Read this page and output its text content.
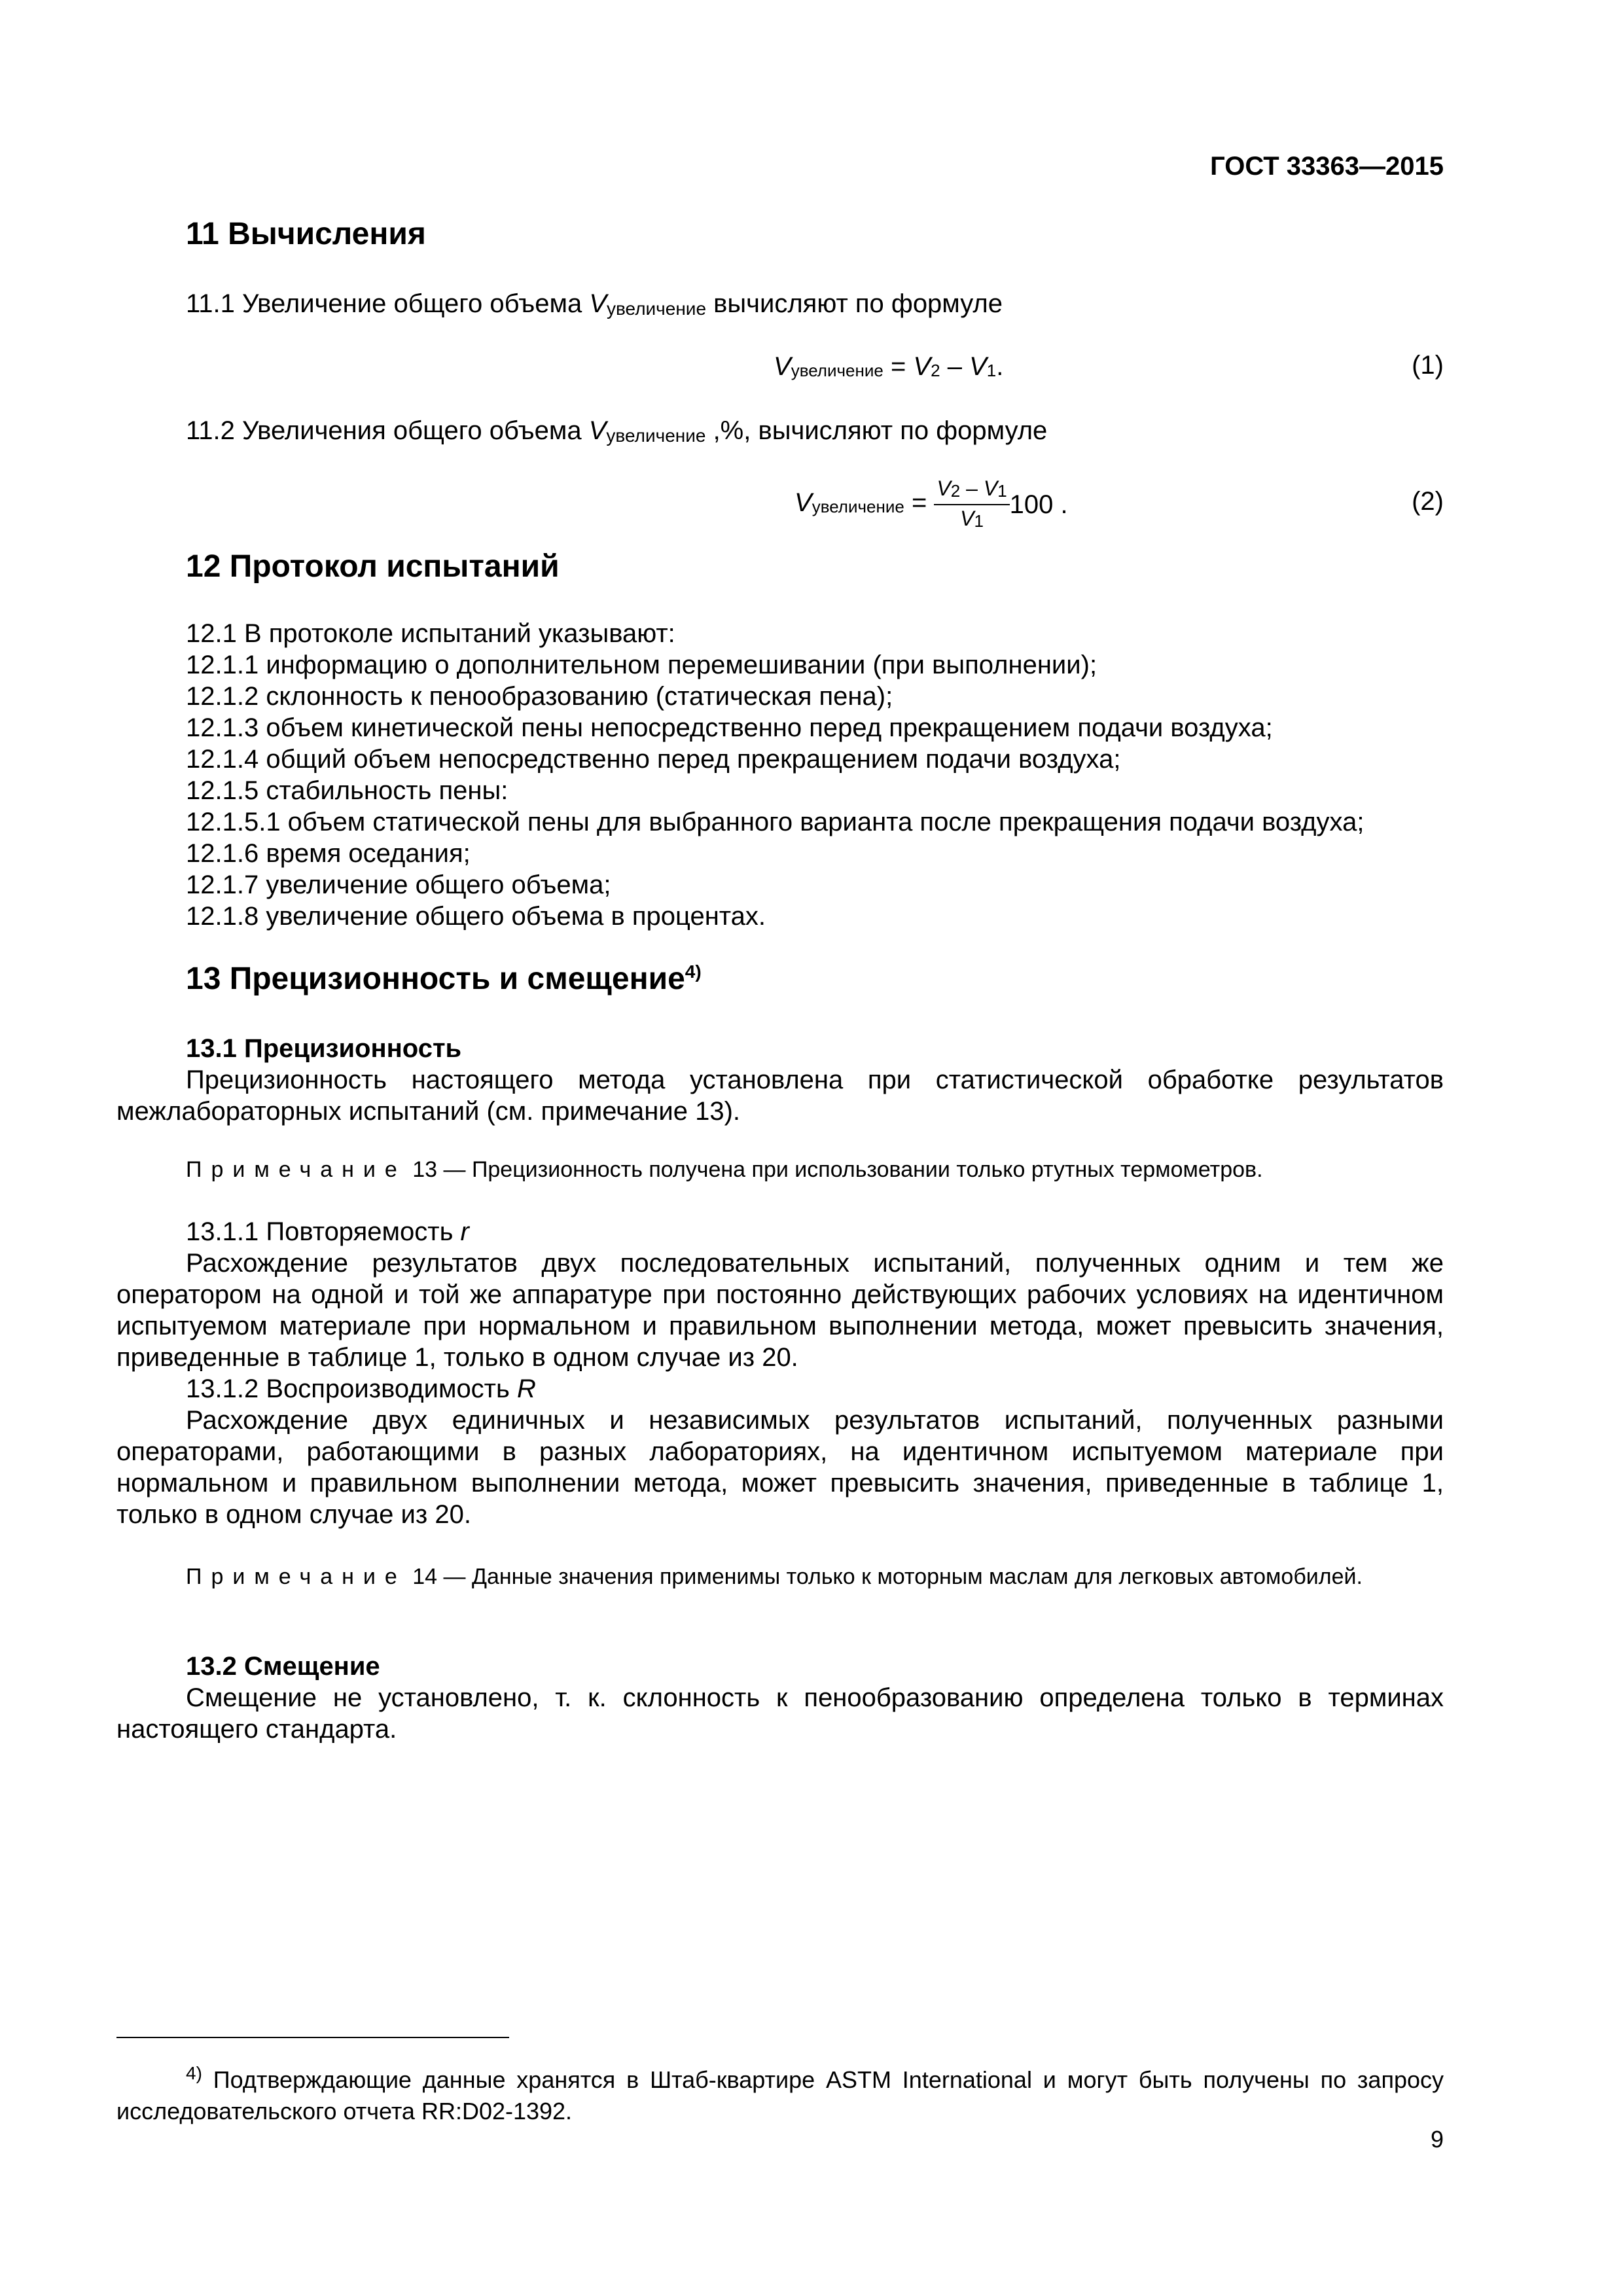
ГОСТ 33363—2015
11 Вычисления
11.1 Увеличение общего объема $V_{увеличение}$ вычисляют по формуле
$V_{увеличение} = V_2 - V_1$.	(1)
11.2 Увеличения общего объема $V_{увеличение}$ ,%, вычисляют по формуле
$V_{увеличение} = \frac{V_2 - V_1}{V_1} 100$ .	(2)
12 Протокол испытаний
12.1 В протоколе испытаний указывают:
12.1.1 информацию о дополнительном перемешивании (при выполнении);
12.1.2 склонность к пенообразованию (статическая пена);
12.1.3 объем кинетической пены непосредственно перед прекращением подачи воздуха;
12.1.4 общий объем непосредственно перед прекращением подачи воздуха;
12.1.5 стабильность пены:
12.1.5.1 объем статической пены для выбранного варианта после прекращения подачи воздуха;
12.1.6 время оседания;
12.1.7 увеличение общего объема;
12.1.8 увеличение общего объема в процентах.
13 Прецизионность и смещение$^{4)}$
13.1 Прецизионность
Прецизионность настоящего метода установлена при статистической обработке результатов межлабораторных испытаний (см. примечание 13).
Примечание 13 — Прецизионность получена при использовании только ртутных термометров.
13.1.1 Повторяемость r
Расхождение результатов двух последовательных испытаний, полученных одним и тем же оператором на одной и той же аппаратуре при постоянно действующих рабочих условиях на идентичном испытуемом материале при нормальном и правильном выполнении метода, может превысить значения, приведенные в таблице 1, только в одном случае из 20.
13.1.2 Воспроизводимость R
Расхождение двух единичных и независимых результатов испытаний, полученных разными операторами, работающими в разных лабораториях, на идентичном испытуемом материале при нормальном и правильном выполнении метода, может превысить значения, приведенные в таблице 1, только в одном случае из 20.
Примечание 14 — Данные значения применимы только к моторным маслам для легковых автомобилей.
13.2 Смещение
Смещение не установлено, т. к. склонность к пенообразованию определена только в терминах настоящего стандарта.
$^{4)}$ Подтверждающие данные хранятся в Штаб-квартире ASTM International и могут быть получены по запросу исследовательского отчета RR:D02-1392.
9
